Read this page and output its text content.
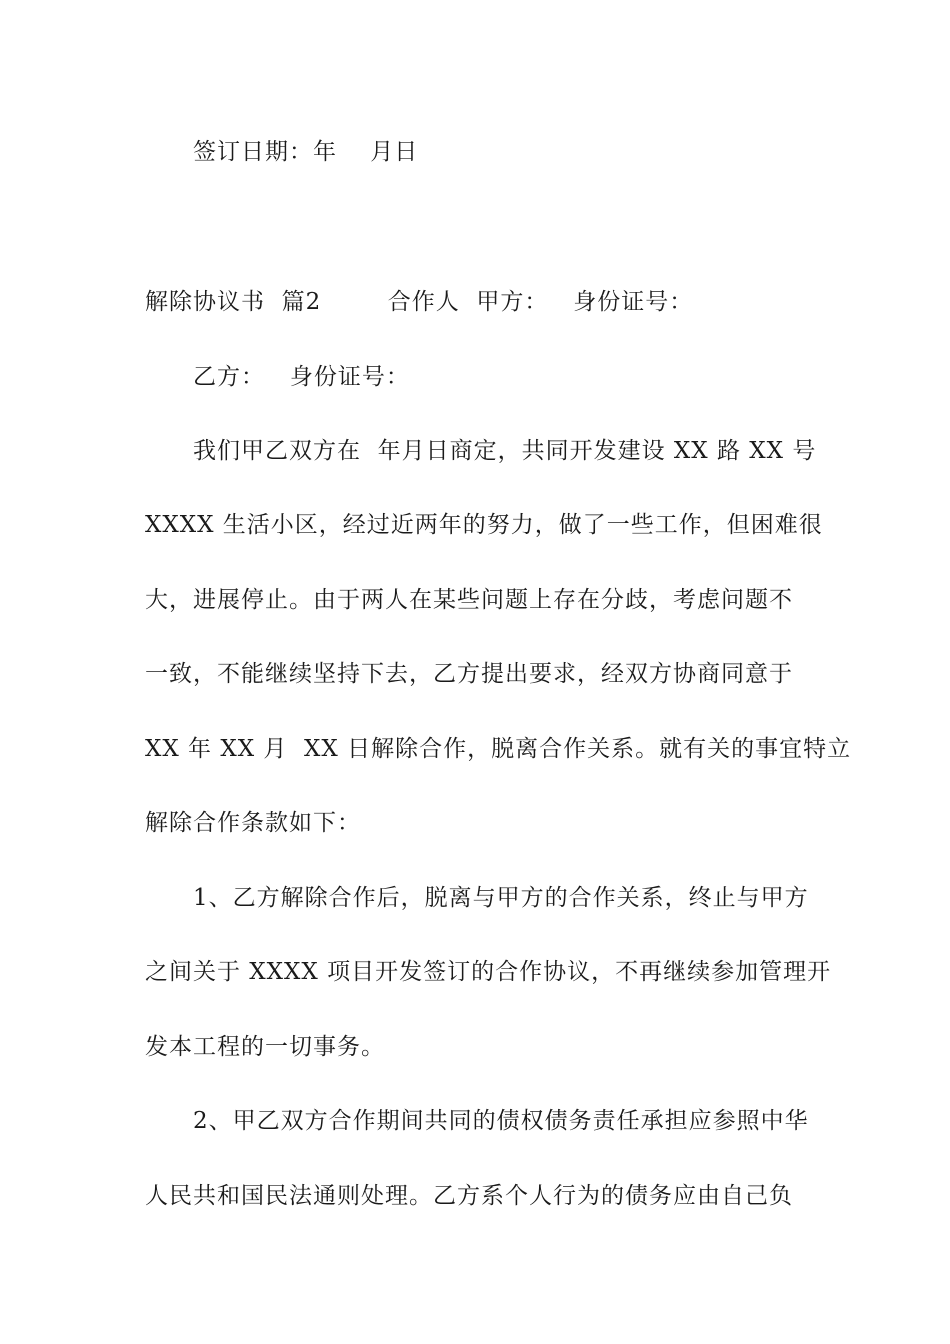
签订日期：年    月日
解除协议书  篇2        合作人  甲方：   身份证号：
乙方：   身份证号：
我们甲乙双方在  年月日商定，共同开发建设 XX 路 XX 号
XXXX 生活小区，经过近两年的努力，做了一些工作，但困难很
大，进展停止。由于两人在某些问题上存在分歧，考虑问题不
一致，不能继续坚持下去，乙方提出要求，经双方协商同意于
XX 年 XX 月  XX 日解除合作，脱离合作关系。就有关的事宜特立
解除合作条款如下：
1、乙方解除合作后，脱离与甲方的合作关系，终止与甲方
之间关于 XXXX 项目开发签订的合作协议，不再继续参加管理开
发本工程的一切事务。
2、甲乙双方合作期间共同的债权债务责任承担应参照中华
人民共和国民法通则处理。乙方系个人行为的债务应由自己负
